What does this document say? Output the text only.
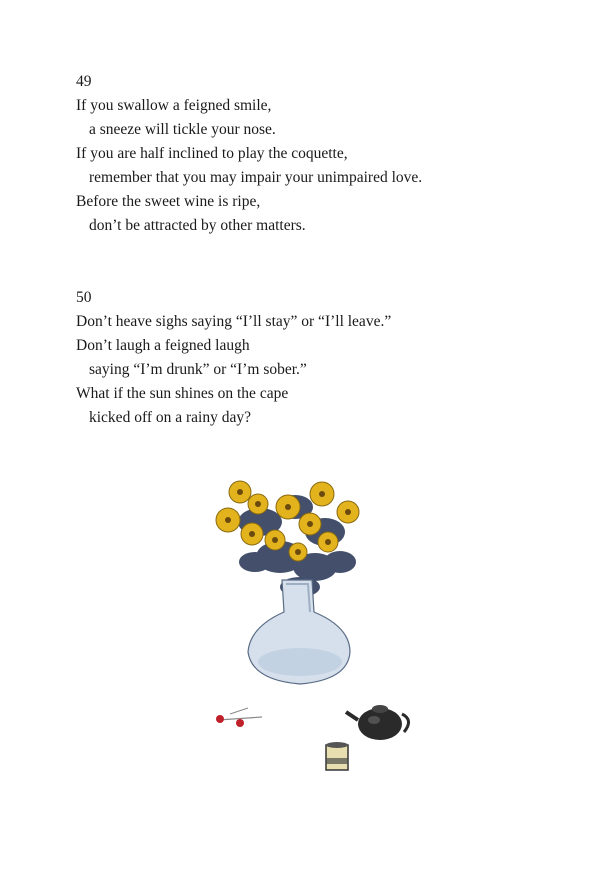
49
If you swallow a feigned smile,
a sneeze will tickle your nose.
If you are half inclined to play the coquette,
remember that you may impair your unimpaired love.
Before the sweet wine is ripe,
don’t be attracted by other matters.
50
Don’t heave sighs saying “I’ll stay” or “I’ll leave.”
Don’t laugh a feigned laugh
saying “I’m drunk” or “I’m sober.”
What if the sun shines on the cape
kicked off on a rainy day?
